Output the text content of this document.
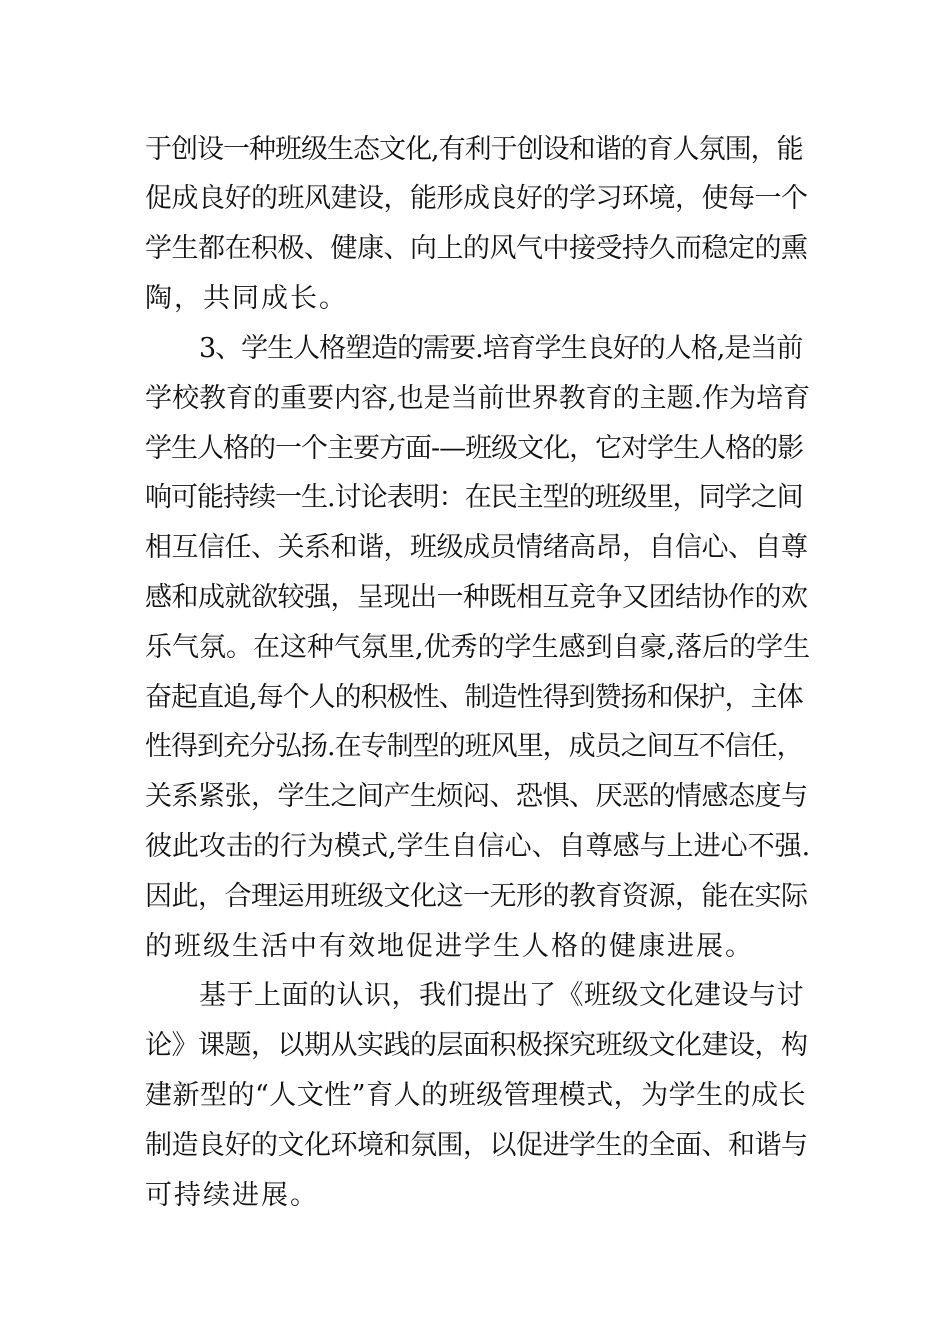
于创设一种班级生态文化,有利于创设和谐的育人氛围，能
促成良好的班风建设，能形成良好的学习环境，使每一个
学生都在积极、健康、向上的风气中接受持久而稳定的熏
陶，共同成长。
3、学生人格塑造的需要.培育学生良好的人格,是当前
学校教育的重要内容,也是当前世界教育的主题.作为培育
学生人格的一个主要方面-—班级文化，它对学生人格的影
响可能持续一生.讨论表明：在民主型的班级里，同学之间
相互信任、关系和谐，班级成员情绪高昂，自信心、自尊
感和成就欲较强，呈现出一种既相互竞争又团结协作的欢
乐气氛。在这种气氛里,优秀的学生感到自豪,落后的学生
奋起直追,每个人的积极性、制造性得到赞扬和保护，主体
性得到充分弘扬.在专制型的班风里，成员之间互不信任，
关系紧张，学生之间产生烦闷、恐惧、厌恶的情感态度与
彼此攻击的行为模式,学生自信心、自尊感与上进心不强.
因此，合理运用班级文化这一无形的教育资源，能在实际
的班级生活中有效地促进学生人格的健康进展。
基于上面的认识，我们提出了《班级文化建设与讨
论》课题，以期从实践的层面积极探究班级文化建设，构
建新型的“人文性”育人的班级管理模式，为学生的成长
制造良好的文化环境和氛围，以促进学生的全面、和谐与
可持续进展。
